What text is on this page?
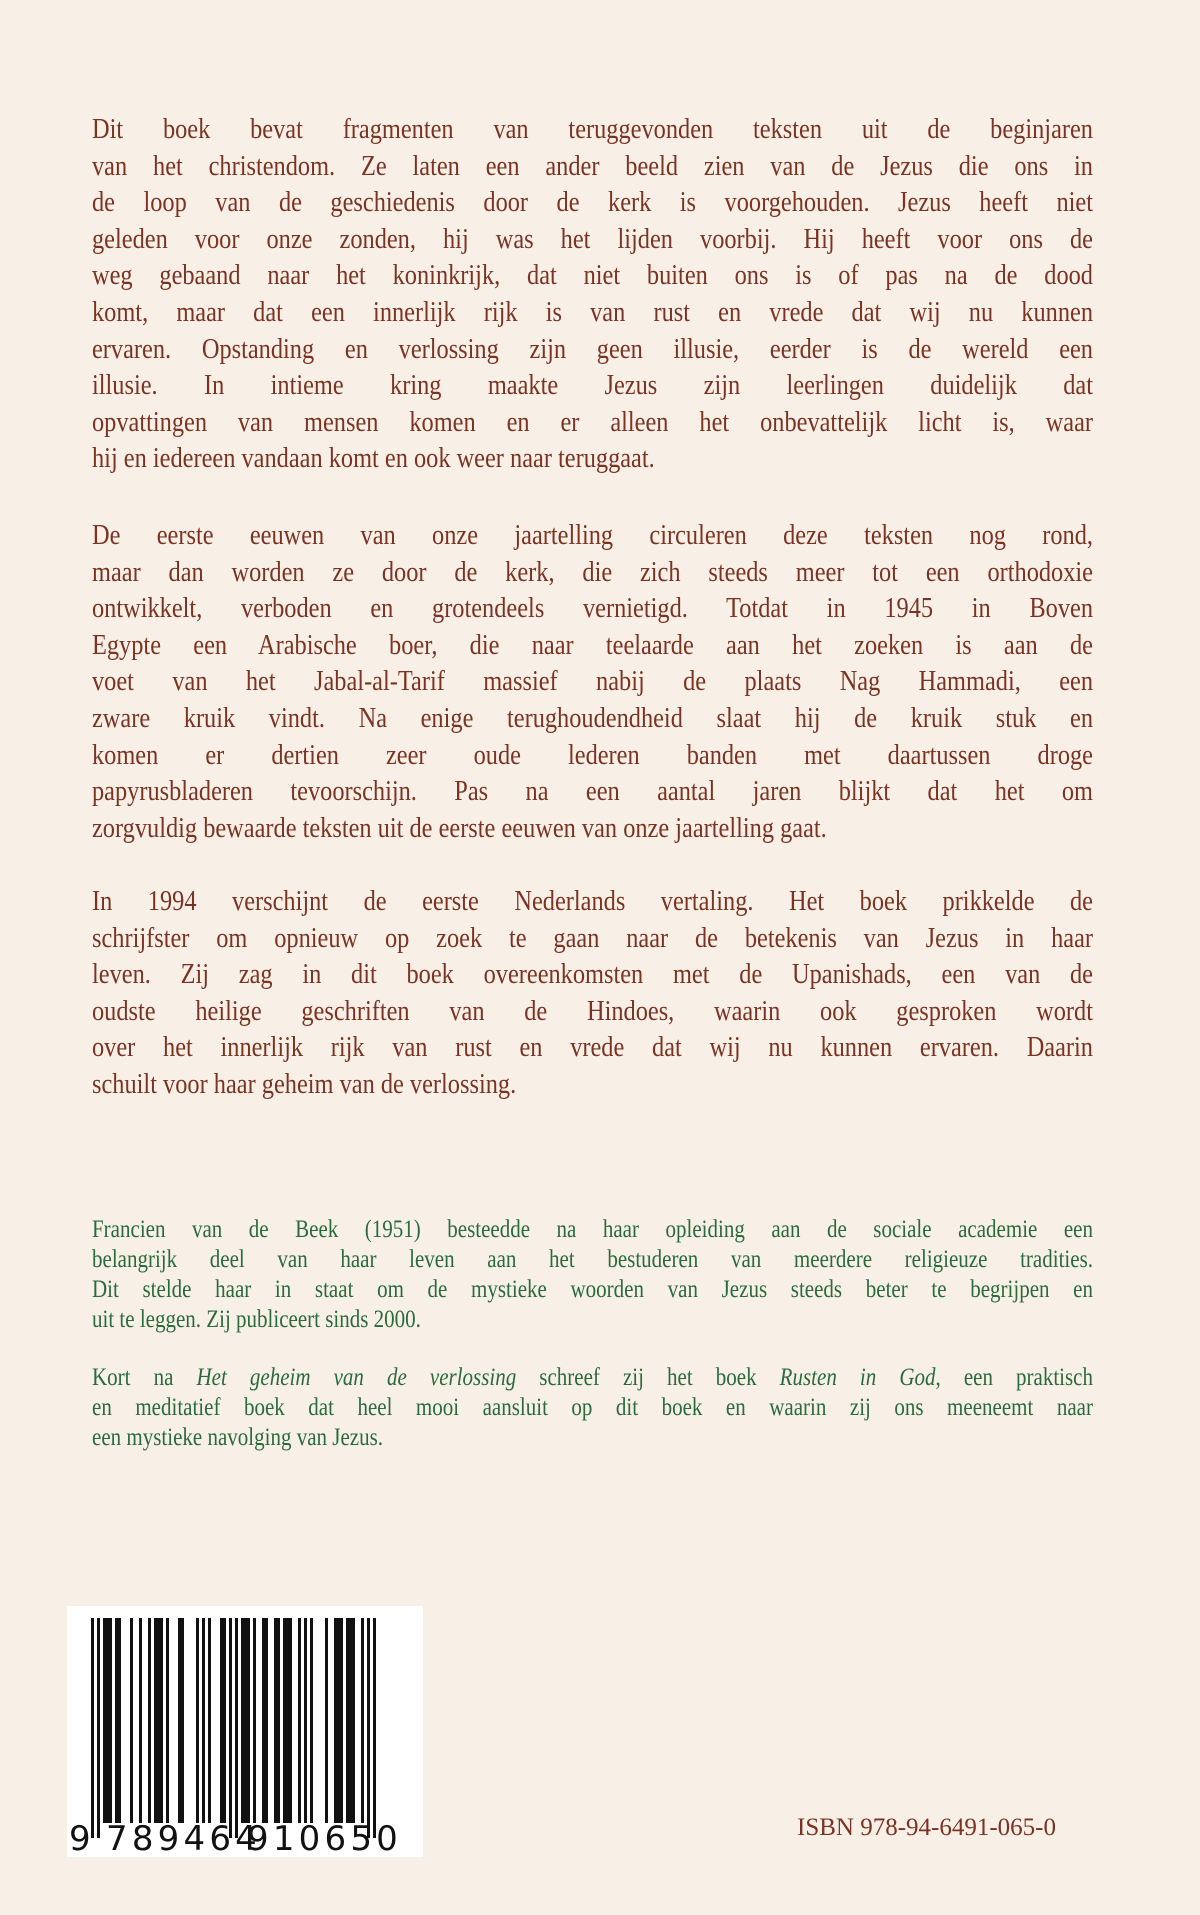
Dit boek bevat fragmenten van teruggevonden teksten uit de beginjaren
van het christendom. Ze laten een ander beeld zien van de Jezus die ons in
de loop van de geschiedenis door de kerk is voorgehouden. Jezus heeft niet
geleden voor onze zonden, hij was het lijden voorbij. Hij heeft voor ons de
weg gebaand naar het koninkrijk, dat niet buiten ons is of pas na de dood
komt, maar dat een innerlijk rijk is van rust en vrede dat wij nu kunnen
ervaren. Opstanding en verlossing zijn geen illusie, eerder is de wereld een
illusie. In intieme kring maakte Jezus zijn leerlingen duidelijk dat
opvattingen van mensen komen en er alleen het onbevattelijk licht is, waar
hij en iedereen vandaan komt en ook weer naar teruggaat.
De eerste eeuwen van onze jaartelling circuleren deze teksten nog rond,
maar dan worden ze door de kerk, die zich steeds meer tot een orthodoxie
ontwikkelt, verboden en grotendeels vernietigd. Totdat in 1945 in Boven
Egypte een Arabische boer, die naar teelaarde aan het zoeken is aan de
voet van het Jabal-al-Tarif massief nabij de plaats Nag Hammadi, een
zware kruik vindt. Na enige terughoudendheid slaat hij de kruik stuk en
komen er dertien zeer oude lederen banden met daartussen droge
papyrusbladeren tevoorschijn. Pas na een aantal jaren blijkt dat het om
zorgvuldig bewaarde teksten uit de eerste eeuwen van onze jaartelling gaat.
In 1994 verschijnt de eerste Nederlands vertaling. Het boek prikkelde de
schrijfster om opnieuw op zoek te gaan naar de betekenis van Jezus in haar
leven. Zij zag in dit boek overeenkomsten met de Upanishads, een van de
oudste heilige geschriften van de Hindoes, waarin ook gesproken wordt
over het innerlijk rijk van rust en vrede dat wij nu kunnen ervaren. Daarin
schuilt voor haar geheim van de verlossing.
Francien van de Beek (1951) besteedde na haar opleiding aan de sociale academie een
belangrijk deel van haar leven aan het bestuderen van meerdere religieuze tradities.
Dit stelde haar in staat om de mystieke woorden van Jezus steeds beter te begrijpen en
uit te leggen. Zij publiceert sinds 2000.
Kort na Het geheim van de verlossing schreef zij het boek Rusten in God, een praktisch
en meditatief boek dat heel mooi aansluit op dit boek en waarin zij ons meeneemt naar
een mystieke navolging van Jezus.
9 789464
910650	ISBN 978-94-6491-065-0
